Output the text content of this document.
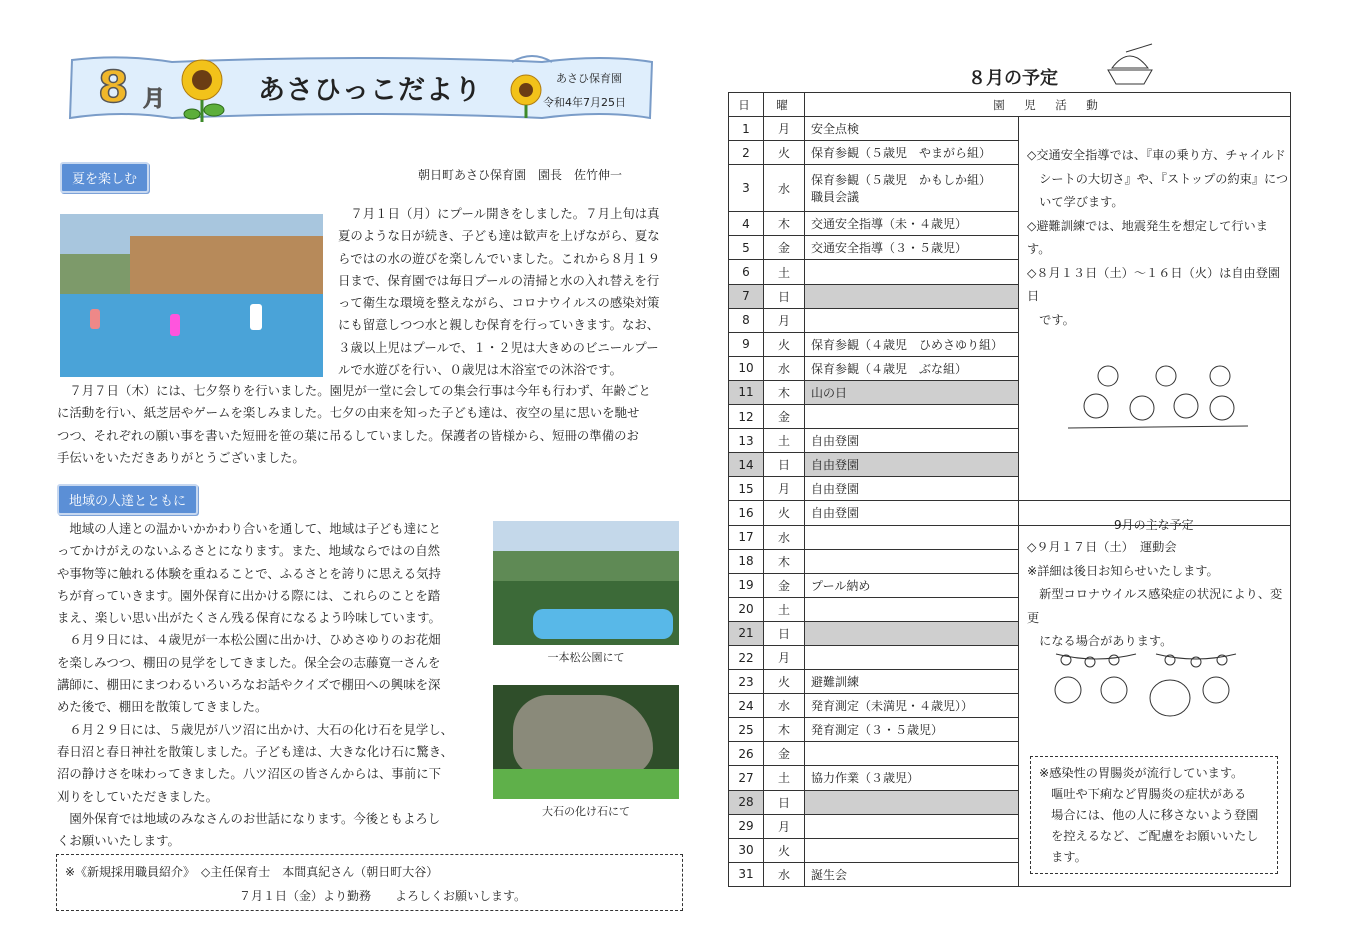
8 月	あさひっこだより	あさひ保育園
令和4年7月25日
夏を楽しむ	朝日町あさひ保育園　園長　佐竹伸一
　７月１日（月）にプール開きをしました。７月上旬は真
夏のような日が続き、子ども達は歓声を上げながら、夏な
らではの水の遊びを楽しんでいました。これから８月１９
日まで、保育園では毎日プールの清掃と水の入れ替えを行
って衛生な環境を整えながら、コロナウイルスの感染対策
にも留意しつつ水と親しむ保育を行っていきます。なお、
３歳以上児はプールで、１・２児は大きめのビニールプー
ルで水遊びを行い、０歳児は木浴室での沐浴です。
　７月７日（木）には、七夕祭りを行いました。園児が一堂に会しての集会行事は今年も行わず、年齢ごと
に活動を行い、紙芝居やゲームを楽しみました。七夕の由来を知った子ども達は、夜空の星に思いを馳せ
つつ、それぞれの願い事を書いた短冊を笹の葉に吊るしていました。保護者の皆様から、短冊の準備のお
手伝いをいただきありがとうございました。
地域の人達とともに
　地域の人達との温かいかかわり合いを通して、地域は子ども達にと
ってかけがえのないふるさとになります。また、地域ならではの自然
や事物等に触れる体験を重ねることで、ふるさとを誇りに思える気持
ちが育っていきます。園外保育に出かける際には、これらのことを踏
まえ、楽しい思い出がたくさん残る保育になるよう吟味しています。
　６月９日には、４歳児が一本松公園に出かけ、ひめさゆりのお花畑
を楽しみつつ、棚田の見学をしてきました。保全会の志藤寛一さんを
講師に、棚田にまつわるいろいろなお話やクイズで棚田への興味を深
めた後で、棚田を散策してきました。
　６月２９日には、５歳児が八ツ沼に出かけ、大石の化け石を見学し、
春日沼と春日神社を散策しました。子ども達は、大きな化け石に驚き、
沼の静けさを味わってきました。八ツ沼区の皆さんからは、事前に下
刈りをしていただきました。
　園外保育では地域のみなさんのお世話になります。今後ともよろし
くお願いいたします。
一本松公園にて
大石の化け石にて
※《新規採用職員紹介》　◇主任保育士　本間真紀さん（朝日町大谷）
７月１日（金）より勤務　　よろしくお願いします。
８月の予定
日	曜	園　児　活　動	
1	月	安全点検	
2	火	保育参観（５歳児　やまがら組）	
3	水	保育参観（５歳児　かもしか組）
職員会議	
4	木	交通安全指導（未・４歳児）	
5	金	交通安全指導（３・５歳児）	
6	土		
7	日		
8	月		
9	火	保育参観（４歳児　ひめさゆり組）	
10	水	保育参観（４歳児　ぶな組）	
11	木	山の日	
12	金		
13	土	自由登園	
14	日	自由登園	
15	月	自由登園	
16	火	自由登園	
17	水		
18	木		
19	金	プール納め	
20	土		
21	日		
22	月		
23	火	避難訓練	
24	水	発育測定（未満児・４歳児））	
25	木	発育測定（３・５歳児）	
26	金		
27	土	協力作業（３歳児）	
28	日		
29	月		
30	火		
31	水	誕生会	
◇交通安全指導では、『車の乗り方、チャイルド
　シートの大切さ』や、『ストップの約束』につ
　いて学びます。
◇避難訓練では、地震発生を想定して行います。
◇８月１３日（土）～１６日（火）は自由登園日
　です。
9月の主な予定
◇９月１７日（土）　運動会
※詳細は後日お知らせいたします。
　新型コロナウイルス感染症の状況により、変更
　になる場合があります。
※感染性の胃腸炎が流行しています。
　嘔吐や下痢など胃腸炎の症状がある
　場合には、他の人に移さないよう登園
　を控えるなど、ご配慮をお願いいたし
　ます。
